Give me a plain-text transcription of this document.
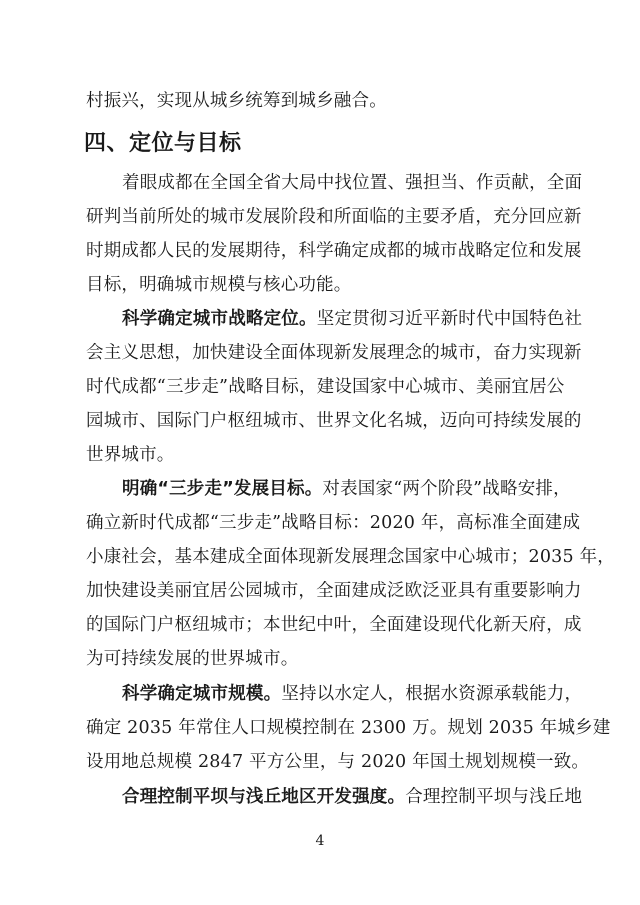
村振兴，实现从城乡统筹到城乡融合。
四、定位与目标
着眼成都在全国全省大局中找位置、强担当、作贡献，全面
研判当前所处的城市发展阶段和所面临的主要矛盾，充分回应新
时期成都人民的发展期待，科学确定成都的城市战略定位和发展
目标，明确城市规模与核心功能。
科学确定城市战略定位。坚定贯彻习近平新时代中国特色社
会主义思想，加快建设全面体现新发展理念的城市，奋力实现新
时代成都“三步走”战略目标，建设国家中心城市、美丽宜居公
园城市、国际门户枢纽城市、世界文化名城，迈向可持续发展的
世界城市。
明确“三步走”发展目标。对表国家“两个阶段”战略安排，
确立新时代成都“三步走”战略目标：2020 年，高标准全面建成
小康社会，基本建成全面体现新发展理念国家中心城市；2035 年，
加快建设美丽宜居公园城市，全面建成泛欧泛亚具有重要影响力
的国际门户枢纽城市；本世纪中叶，全面建设现代化新天府，成
为可持续发展的世界城市。
科学确定城市规模。坚持以水定人，根据水资源承载能力，
确定 2035 年常住人口规模控制在 2300 万。规划 2035 年城乡建
设用地总规模 2847 平方公里，与 2020 年国土规划规模一致。
合理控制平坝与浅丘地区开发强度。合理控制平坝与浅丘地
4
